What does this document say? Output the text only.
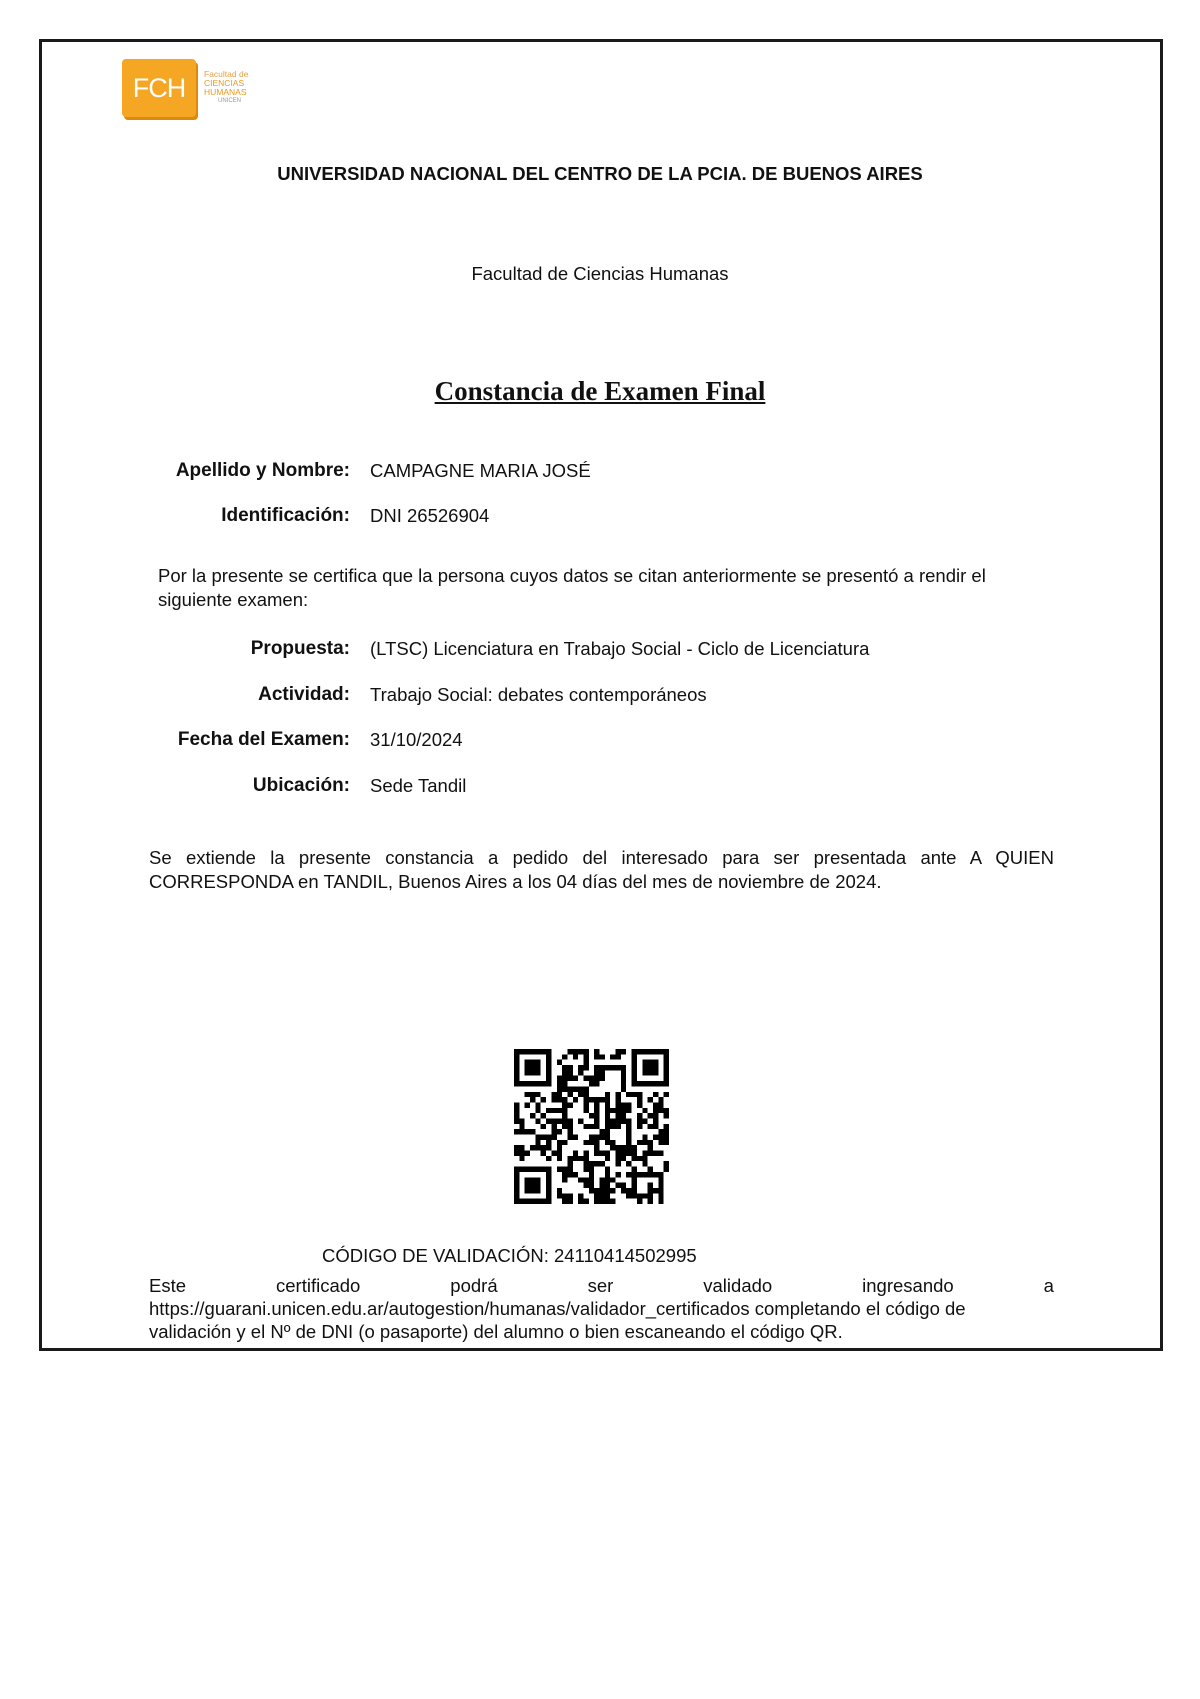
FCH	Facultad de
CIENCIAS
HUMANAS
UNICEN
UNIVERSIDAD NACIONAL DEL CENTRO DE LA PCIA. DE BUENOS AIRES
Facultad de Ciencias Humanas
Constancia de Examen Final
Apellido y Nombre: CAMPAGNE MARIA JOSÉ
Identificación: DNI 26526904
Por la presente se certifica que la persona cuyos datos se citan anteriormente se presentó a rendir el siguiente examen:
Propuesta: (LTSC) Licenciatura en Trabajo Social - Ciclo de Licenciatura
Actividad: Trabajo Social: debates contemporáneos
Fecha del Examen: 31/10/2024
Ubicación: Sede Tandil
Se extiende la presente constancia a pedido del interesado para ser presentada ante A QUIEN CORRESPONDA en TANDIL, Buenos Aires a los 04 días del mes de noviembre de 2024.
CÓDIGO DE VALIDACIÓN: 24110414502995
Este	certificado	podrá	ser	validado	ingresando	a
https://guarani.unicen.edu.ar/autogestion/humanas/validador_certificados completando el código de
validación y el Nº de DNI (o pasaporte) del alumno o bien escaneando el código QR.
